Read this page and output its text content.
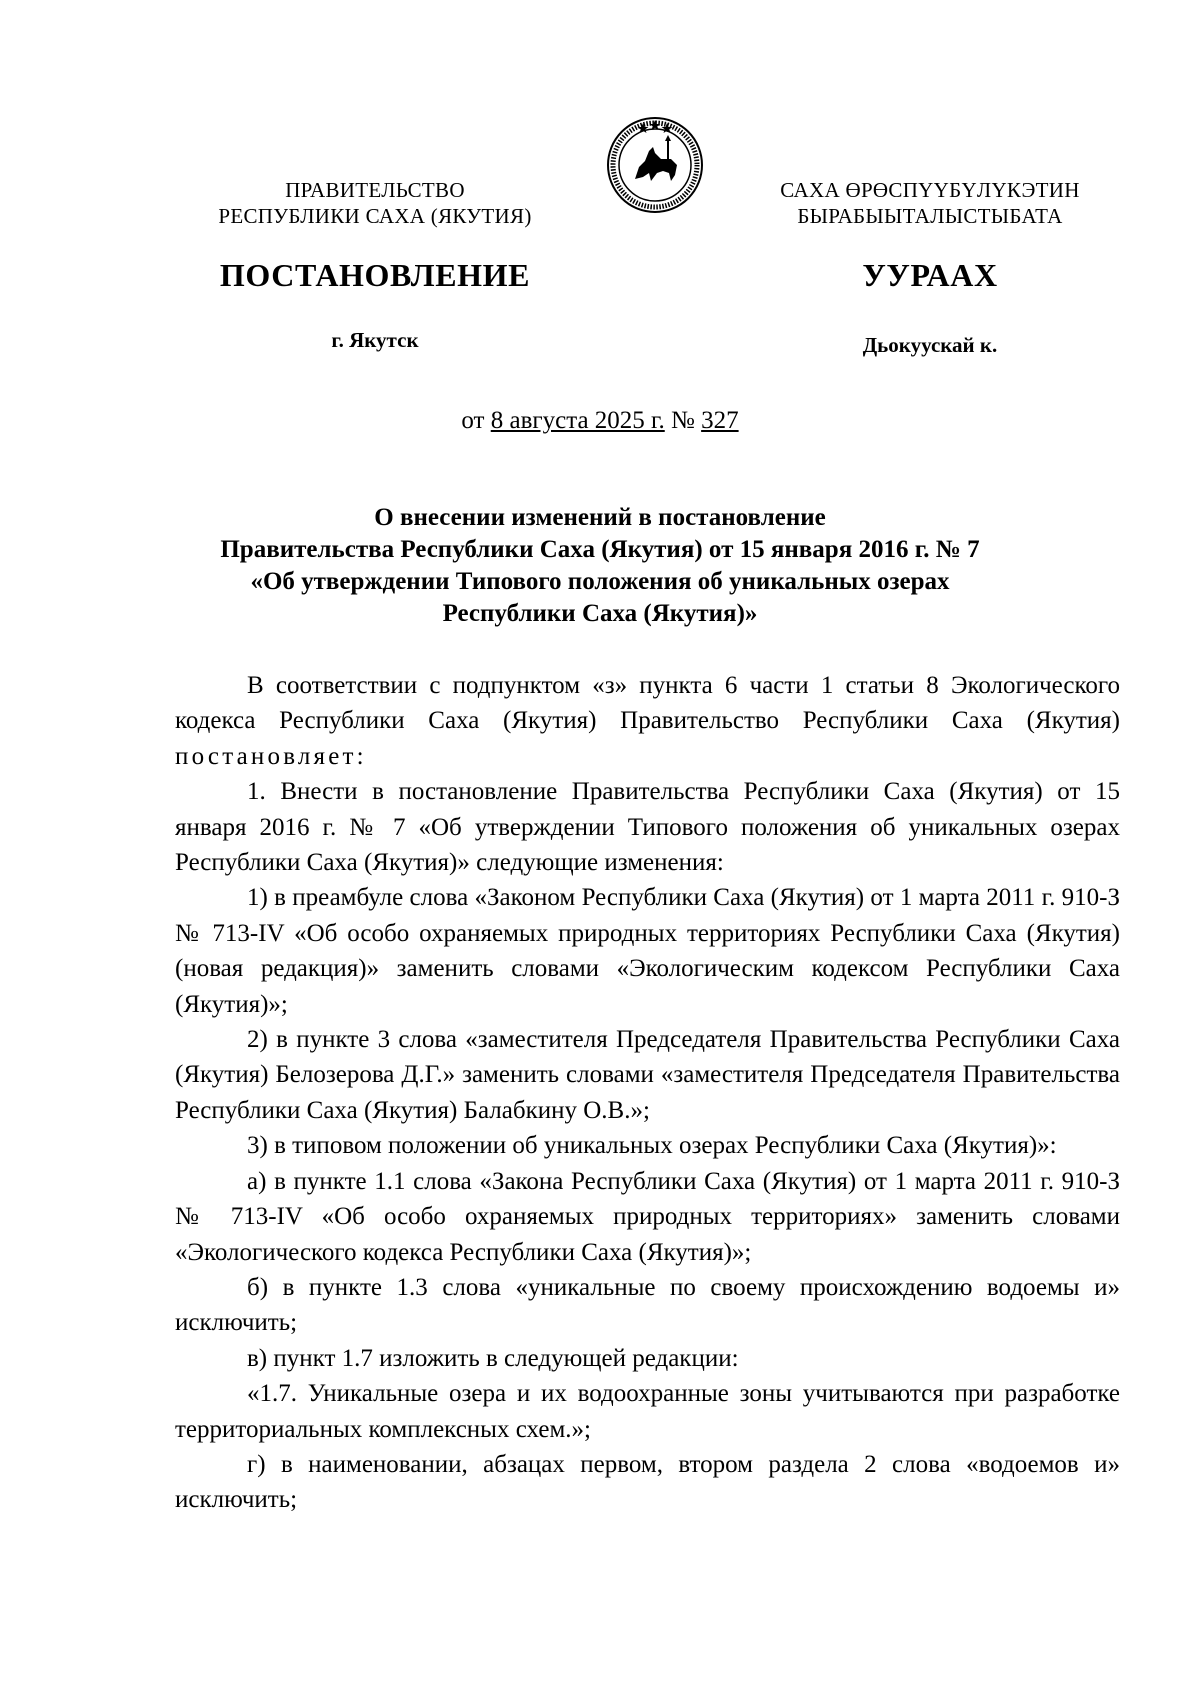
ПРАВИТЕЛЬСТВО
РЕСПУБЛИКИ САХА (ЯКУТИЯ)
САХА ӨРӨСПҮҮБҮЛҮКЭТИН
БЫРАБЫЫТАЛЫСТЫБАТА
ПОСТАНОВЛЕНИЕ	УУРААХ
г. Якутск	Дьокуускай к.
от 8 августа 2025 г. № 327
О внесении изменений в постановление
Правительства Республики Саха (Якутия) от 15 января 2016 г. № 7
«Об утверждении Типового положения об уникальных озерах
Республики Саха (Якутия)»

В соответствии с подпунктом «з» пункта 6 части 1 статьи 8 Экологического кодекса Республики Саха (Якутия) Правительство Республики Саха (Якутия) постановляет:

1. Внести в постановление Правительства Республики Саха (Якутия) от 15 января 2016 г. № 7 «Об утверждении Типового положения об уникальных озерах Республики Саха (Якутия)» следующие изменения:

1) в преамбуле слова «Законом Республики Саха (Якутия) от 1 марта 2011 г. 910-З № 713-IV «Об особо охраняемых природных территориях Республики Саха (Якутия) (новая редакция)» заменить словами «Экологическим кодексом Республики Саха (Якутия)»;

2) в пункте 3 слова «заместителя Председателя Правительства Республики Саха (Якутия) Белозерова Д.Г.» заменить словами «заместителя Председателя Правительства Республики Саха (Якутия) Балабкину О.В.»;

3) в типовом положении об уникальных озерах Республики Саха (Якутия)»:

а) в пункте 1.1 слова «Закона Республики Саха (Якутия) от 1 марта 2011 г. 910-З № 713-IV «Об особо охраняемых природных территориях» заменить словами «Экологического кодекса Республики Саха (Якутия)»;

б) в пункте 1.3 слова «уникальные по своему происхождению водоемы и» исключить;

в) пункт 1.7 изложить в следующей редакции:

«1.7. Уникальные озера и их водоохранные зоны учитываются при разработке территориальных комплексных схем.»;

г) в наименовании, абзацах первом, втором раздела 2 слова «водоемов и» исключить;
